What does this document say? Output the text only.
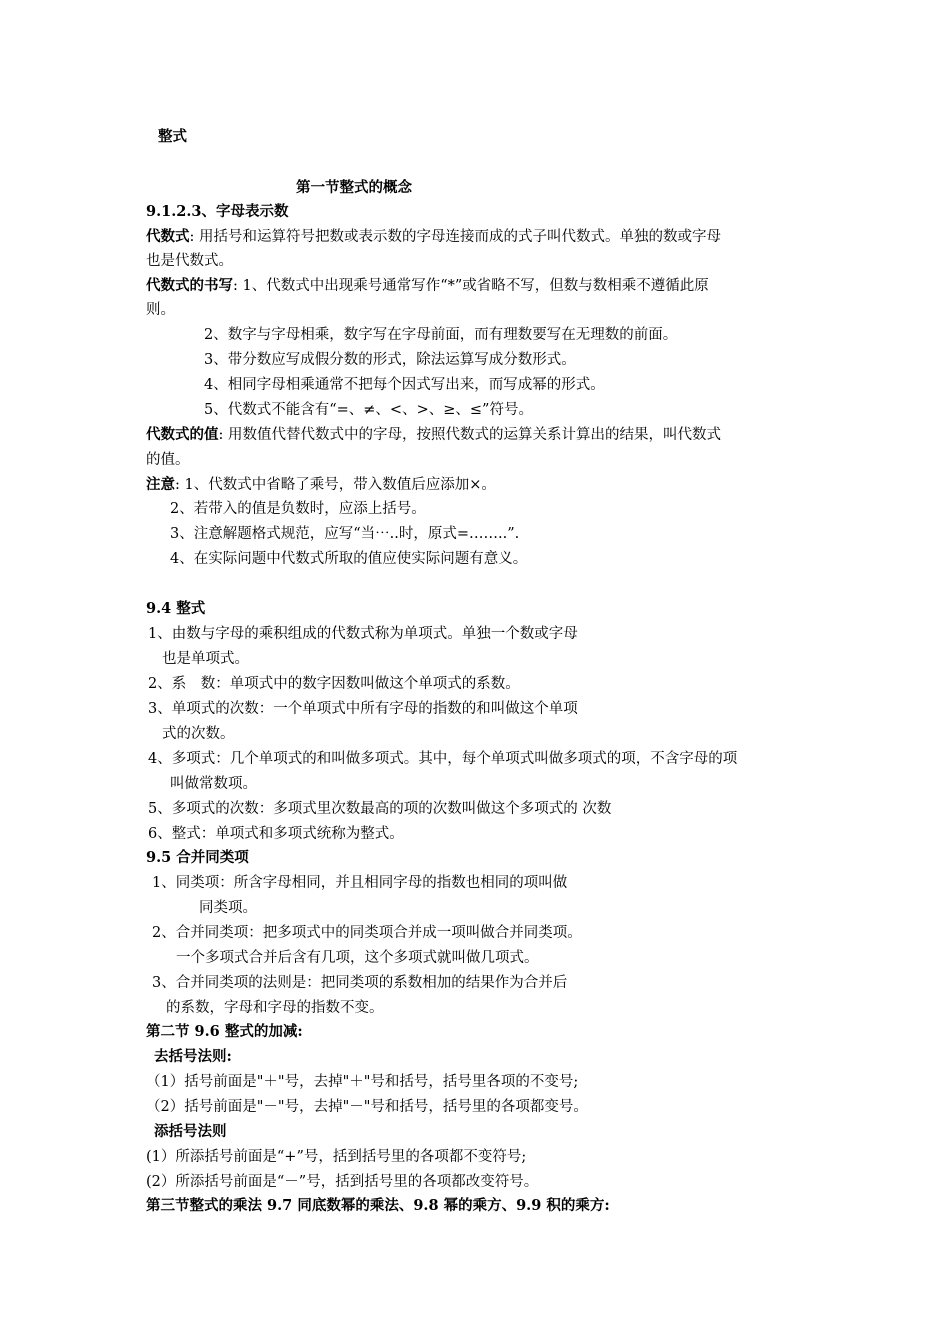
整式
第一节整式的概念
9.1.2.3、字母表示数
代数式: 用括号和运算符号把数或表示数的字母连接而成的式子叫代数式。单独的数或字母
也是代数式。
代数式的书写: 1、代数式中出现乘号通常写作“*”或省略不写，但数与数相乘不遵循此原
则。
2、数字与字母相乘，数字写在字母前面，而有理数要写在无理数的前面。
3、带分数应写成假分数的形式，除法运算写成分数形式。
4、相同字母相乘通常不把每个因式写出来，而写成幂的形式。
5、代数式不能含有“=、≠、<、>、≥、≤”符号。
代数式的值: 用数值代替代数式中的字母，按照代数式的运算关系计算出的结果，叫代数式
的值。
注意: 1、代数式中省略了乘号，带入数值后应添加×。
2、若带入的值是负数时，应添上括号。
3、注意解题格式规范，应写“当⋯..时，原式=……..”.
4、在实际问题中代数式所取的值应使实际问题有意义。
9.4 整式
1、由数与字母的乘积组成的代数式称为单项式。单独一个数或字母
也是单项式。
2、系　数：单项式中的数字因数叫做这个单项式的系数。
3、单项式的次数：一个单项式中所有字母的指数的和叫做这个单项
式的次数。
4、多项式：几个单项式的和叫做多项式。其中，每个单项式叫做多项式的项，不含字母的项
叫做常数项。
5、多项式的次数：多项式里次数最高的项的次数叫做这个多项式的 次数
6、整式：单项式和多项式统称为整式。
9.5 合并同类项
1、同类项：所含字母相同，并且相同字母的指数也相同的项叫做
同类项。
2、合并同类项：把多项式中的同类项合并成一项叫做合并同类项。
一个多项式合并后含有几项，这个多项式就叫做几项式。
3、合并同类项的法则是：把同类项的系数相加的结果作为合并后
的系数，字母和字母的指数不变。
第二节 9.6 整式的加减:
去括号法则:
（1）括号前面是"＋"号，去掉"＋"号和括号，括号里各项的不变号;
（2）括号前面是"－"号，去掉"－"号和括号，括号里的各项都变号。
添括号法则
(1）所添括号前面是“+”号，括到括号里的各项都不变符号;
(2）所添括号前面是“－”号，括到括号里的各项都改变符号。
第三节整式的乘法 9.7 同底数幂的乘法、9.8 幂的乘方、9.9 积的乘方:
